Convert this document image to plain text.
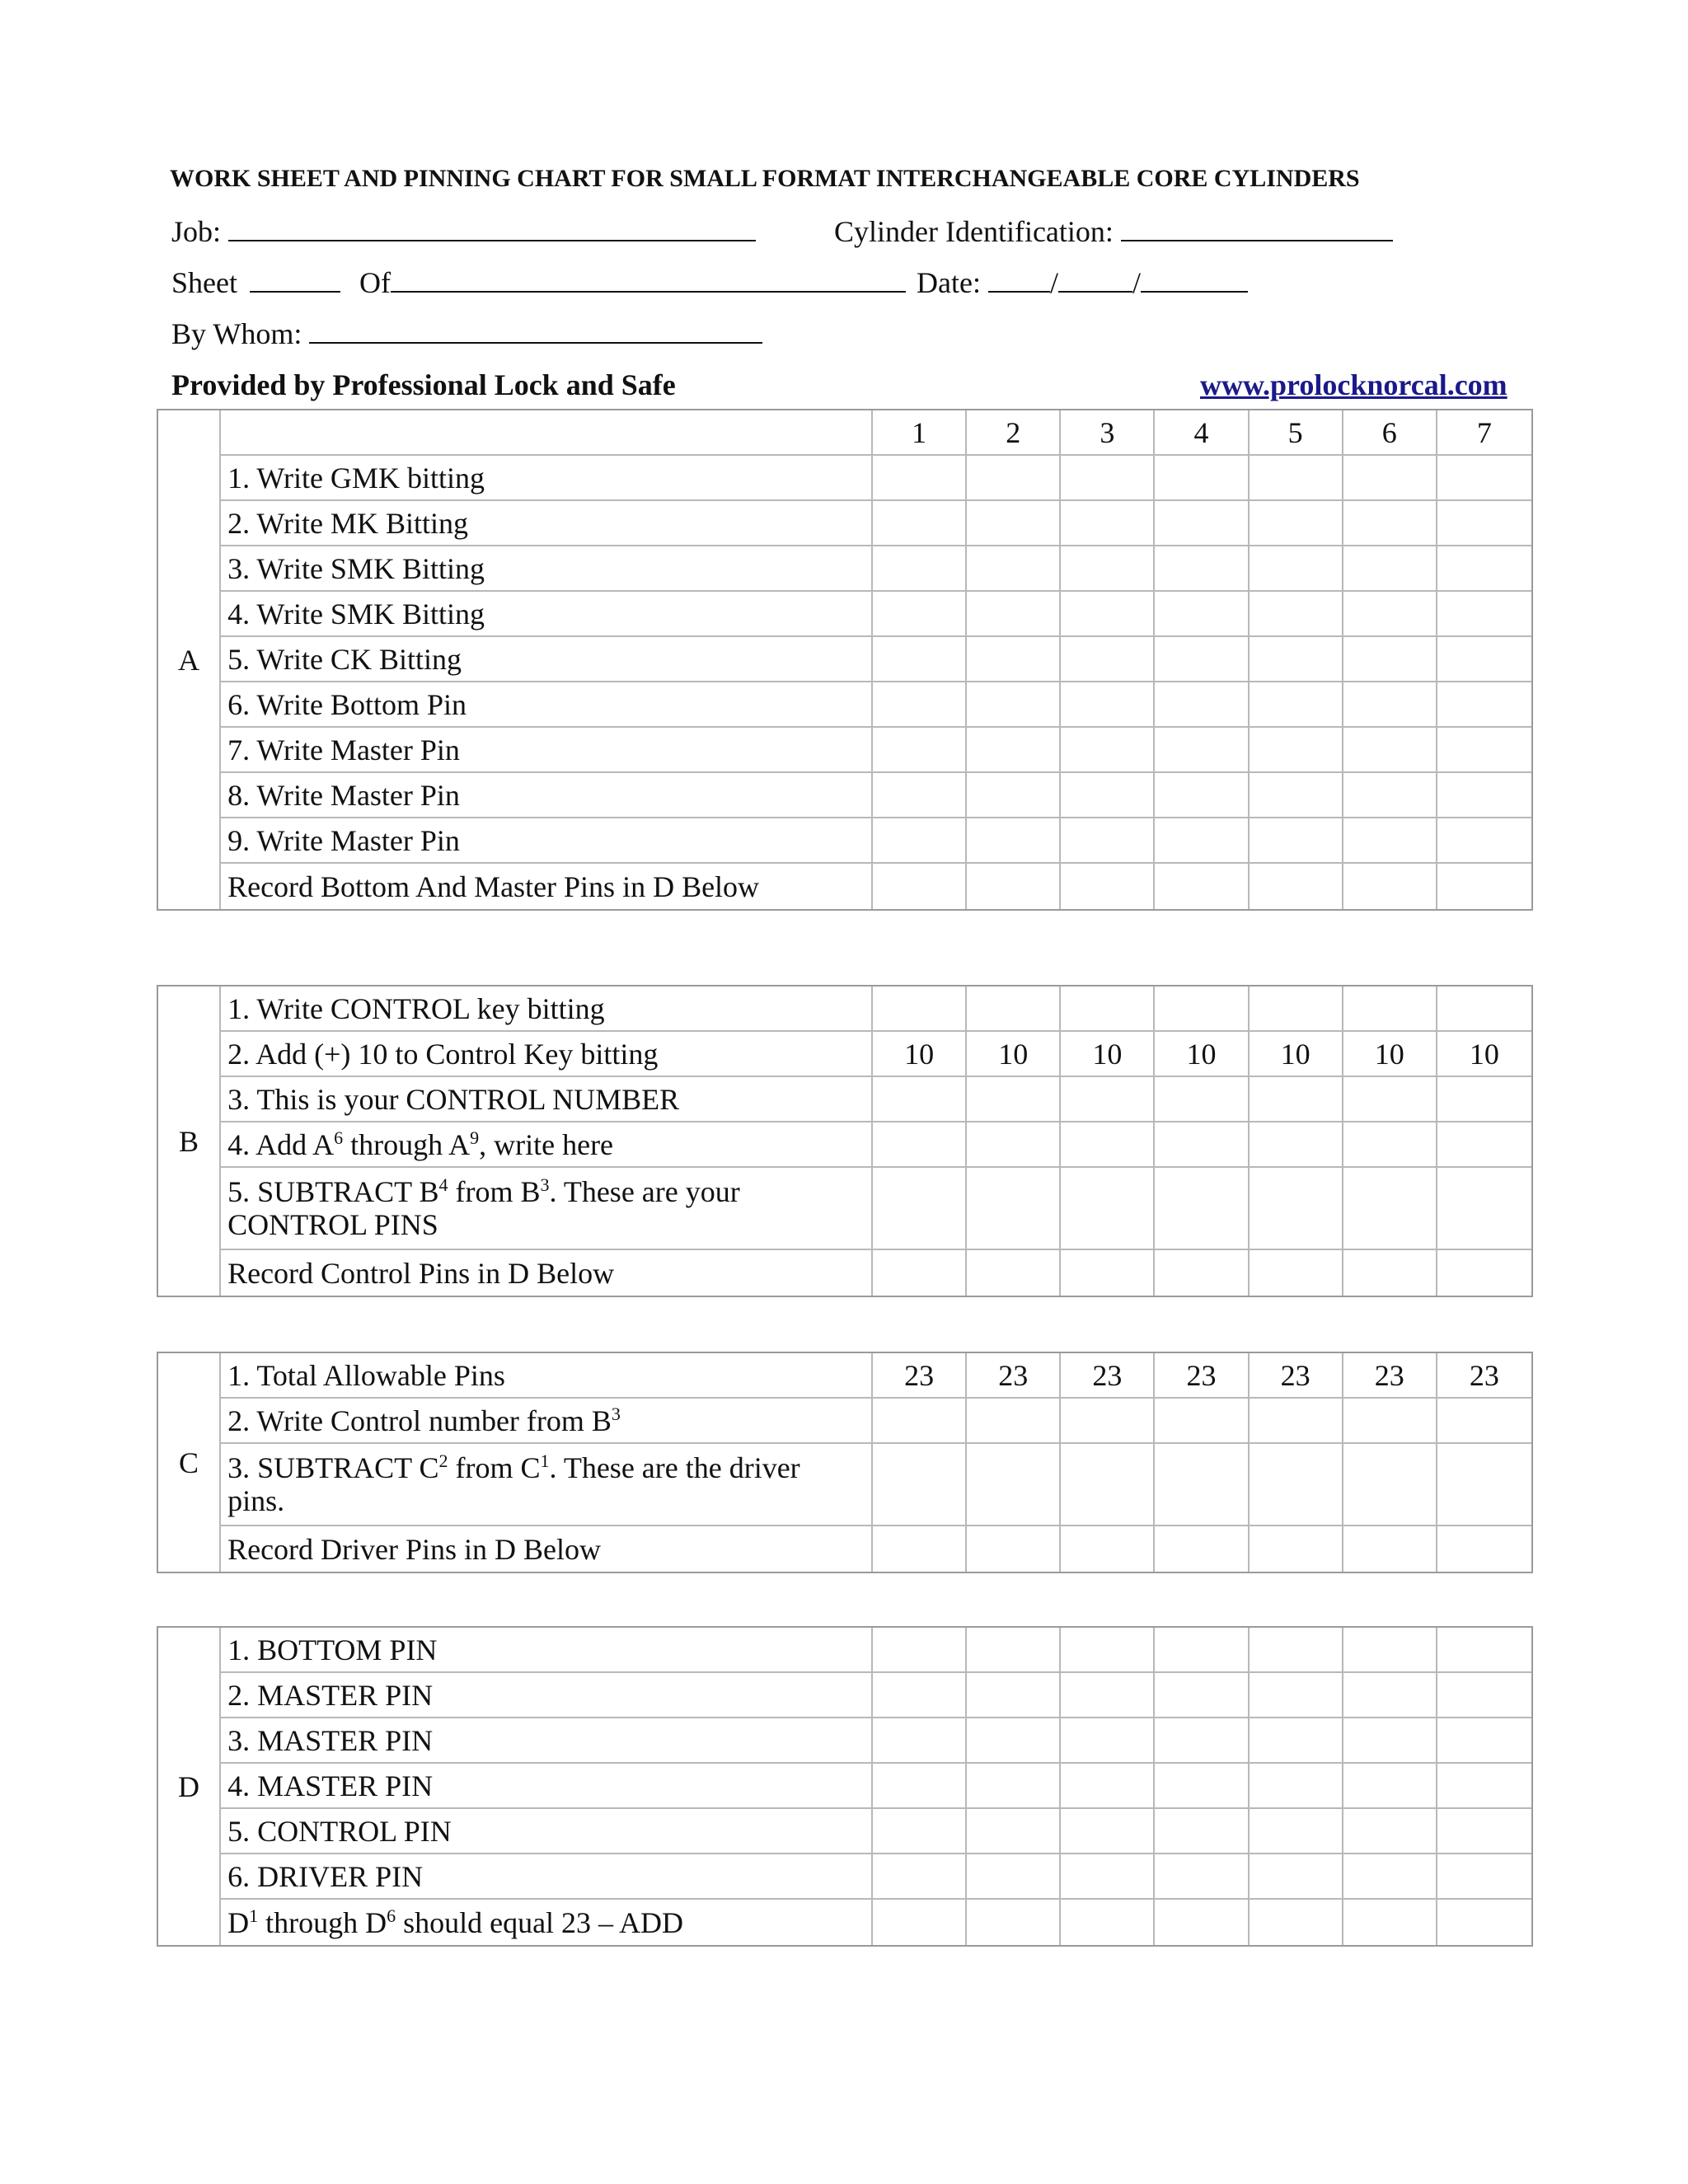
WORK SHEET AND PINNING CHART FOR SMALL FORMAT INTERCHANGEABLE CORE CYLINDERS
Job:	Cylinder Identification:
Sheet	Of	Date: /	/
By Whom:
Provided by Professional Lock and Safe	www.prolocknorcal.com
A		1	2	3	4	5	6	7
	1. Write GMK bitting							
	2. Write MK Bitting							
	3. Write SMK Bitting							
	4. Write SMK Bitting							
	5. Write CK Bitting							
	6. Write Bottom Pin							
	7. Write Master Pin							
	8. Write Master Pin							
	9. Write Master Pin							
	Record Bottom And Master Pins in D Below							
B	1. Write CONTROL key bitting							
	2. Add (+) 10 to Control Key bitting	10	10	10	10	10	10	10
	3. This is your CONTROL NUMBER							
	4. Add $A^6$ through $A^9$, write here							
	5. SUBTRACT $B^4$ from $B^3$. These are your
CONTROL PINS							
	Record Control Pins in D Below							
C	1. Total Allowable Pins	23	23	23	23	23	23	23
	2. Write Control number from $B^3$							
	3. SUBTRACT $C^2$ from $C^1$. These are the driver
pins.							
	Record Driver Pins in D Below							
D	1. BOTTOM PIN							
	2. MASTER PIN							
	3. MASTER PIN							
	4. MASTER PIN							
	5. CONTROL PIN							
	6. DRIVER PIN							
	$D^1$ through $D^6$ should equal 23 – ADD							
